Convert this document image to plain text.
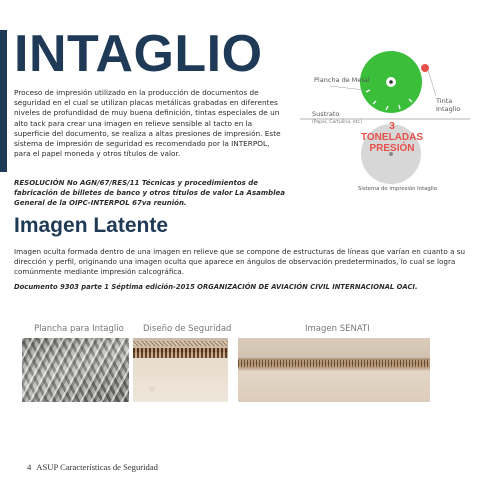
INTAGLIO

Proceso de impresión utilizado en la producción de documentos de seguridad en el cual se utilizan placas metálicas grabadas en diferentes niveles de profundidad de muy buena definición, tintas especiales de un alto tack para crear una imagen en relieve sensible al tacto en la superficie del documento, se realiza a altas presiones de impresión. Este sistema de impresión de seguridad es recomendado por la INTERPOL, para el papel moneda y otros títulos de valor.

Plancha de Metal
Tinta Intaglio
Sustrato
(Papel, Cartulina, etc)	3 TONELADAS PRESIÓN
Sistema de impresión Intaglio

RESOLUCIÓN No AGN/67/RES/11 Técnicas y procedimientos de fabricación de billetes de banco y otros títulos de valor La Asamblea General de la OIPC-INTERPOL 67va reunión.

Imagen Latente

Imagen oculta formada dentro de una imagen en relieve que se compone de estructuras de líneas que varían en cuanto a su dirección y perfil, originando una imagen oculta que aparece en ángulos de observación predeterminados, lo cual se logra comúnmente mediante impresión calcográfica.

Documento 9303 parte 1 Séptima edición-2015 ORGANIZACIÓN DE AVIACIÓN CIVIL INTERNACIONAL OACI.

Plancha para Intaglio Diseño de Seguridad	Imagen SENATI
4 ASUP Características de Seguridad
